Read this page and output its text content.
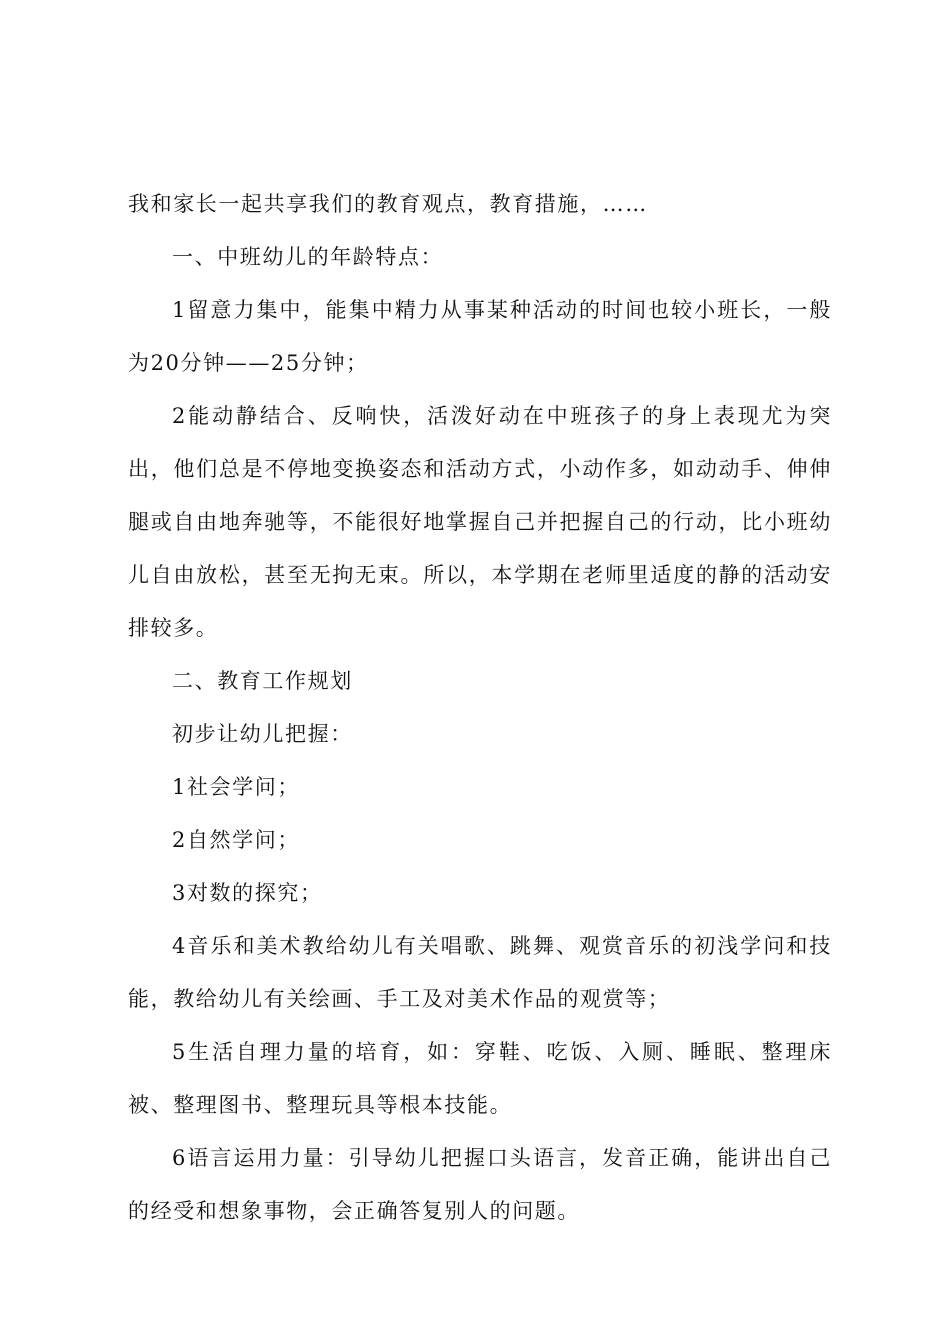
我和家长一起共享我们的教育观点，教育措施，……

一、中班幼儿的年龄特点：

1留意力集中，能集中精力从事某种活动的时间也较小班长，一般为20分钟——25分钟；

2能动静结合、反响快，活泼好动在中班孩子的身上表现尤为突出，他们总是不停地变换姿态和活动方式，小动作多，如动动手、伸伸腿或自由地奔驰等，不能很好地掌握自己并把握自己的行动，比小班幼儿自由放松，甚至无拘无束。所以，本学期在老师里适度的静的活动安排较多。

二、教育工作规划

初步让幼儿把握：

1社会学问；

2自然学问；

3对数的探究；

4音乐和美术教给幼儿有关唱歌、跳舞、观赏音乐的初浅学问和技能，教给幼儿有关绘画、手工及对美术作品的观赏等；

5生活自理力量的培育，如：穿鞋、吃饭、入厕、睡眠、整理床被、整理图书、整理玩具等根本技能。

6语言运用力量：引导幼儿把握口头语言，发音正确，能讲出自己的经受和想象事物，会正确答复别人的问题。
